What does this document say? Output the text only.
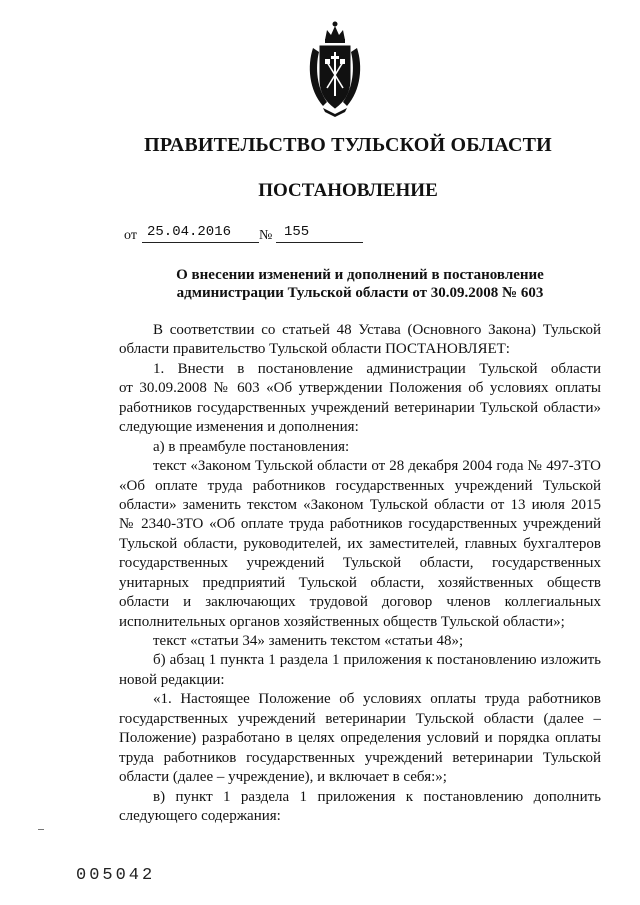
ПРАВИТЕЛЬСТВО ТУЛЬСКОЙ ОБЛАСТИ
ПОСТАНОВЛЕНИЕ
от 25.04.2016 № 155
О внесении изменений и дополнений в постановление
администрации Тульской области от 30.09.2008 № 603
В соответствии со статьей 48 Устава (Основного Закона) Тульской
области правительство Тульской области ПОСТАНОВЛЯЕТ:
1. Внести в постановление администрации Тульской области
от 30.09.2008 № 603 «Об утверждении Положения об условиях оплаты
работников государственных учреждений ветеринарии Тульской области»
следующие изменения и дополнения:
а) в преамбуле постановления:
текст «Законом Тульской области от 28 декабря 2004 года № 497-ЗТО
«Об оплате труда работников государственных учреждений Тульской
области» заменить текстом «Законом Тульской области от 13 июля 2015
№ 2340-ЗТО «Об оплате труда работников государственных учреждений
Тульской области, руководителей, их заместителей, главных бухгалтеров
государственных учреждений Тульской области, государственных
унитарных предприятий Тульской области, хозяйственных обществ
области и заключающих трудовой договор членов коллегиальных
исполнительных органов хозяйственных обществ Тульской области»;
текст «статьи 34» заменить текстом «статьи 48»;
б) абзац 1 пункта 1 раздела 1 приложения к постановлению изложить
новой редакции:
«1. Настоящее Положение об условиях оплаты труда работников
государственных учреждений ветеринарии Тульской области (далее –
Положение) разработано в целях определения условий и порядка оплаты
труда работников государственных учреждений ветеринарии Тульской
области (далее – учреждение), и включает в себя:»;
в) пункт 1 раздела 1 приложения к постановлению дополнить
следующего содержания:
005042
